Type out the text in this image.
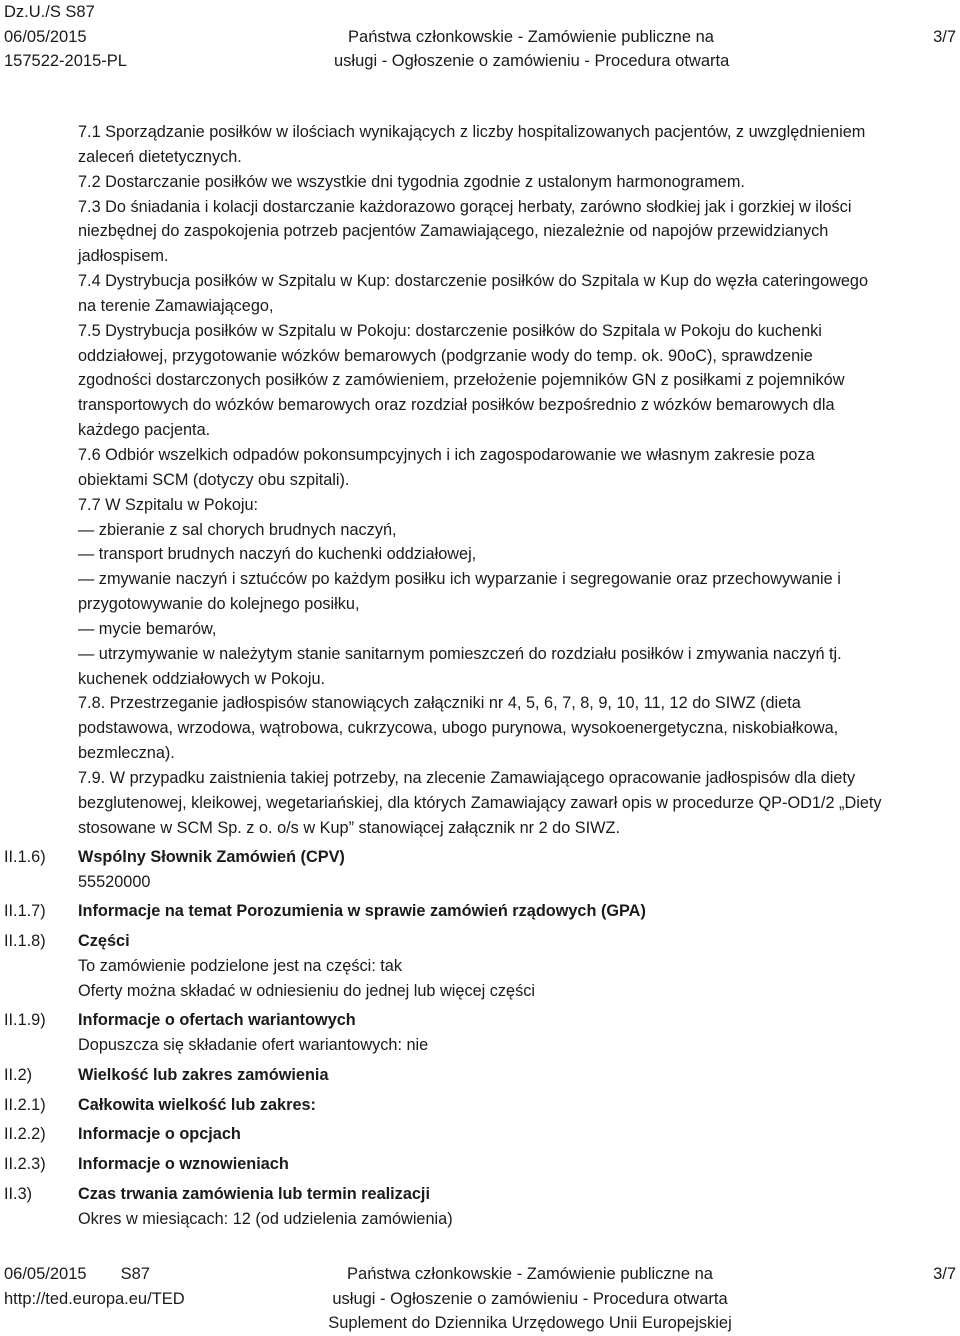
Dz.U./S S87
06/05/2015
157522-2015-PL
Państwa członkowskie - Zamówienie publiczne na
usługi - Ogłoszenie o zamówieniu - Procedura otwarta
3/7

7.1 Sporządzanie posiłków w ilościach wynikających z liczby hospitalizowanych pacjentów, z uwzględnieniem

zaleceń dietetycznych.

7.2 Dostarczanie posiłków we wszystkie dni tygodnia zgodnie z ustalonym harmonogramem.

7.3 Do śniadania i kolacji dostarczanie każdorazowo gorącej herbaty, zarówno słodkiej jak i gorzkiej w ilości

niezbędnej do zaspokojenia potrzeb pacjentów Zamawiającego, niezależnie od napojów przewidzianych

jadłospisem.

7.4 Dystrybucja posiłków w Szpitalu w Kup: dostarczenie posiłków do Szpitala w Kup do węzła cateringowego

na terenie Zamawiającego,

7.5 Dystrybucja posiłków w Szpitalu w Pokoju: dostarczenie posiłków do Szpitala w Pokoju do kuchenki

oddziałowej, przygotowanie wózków bemarowych (podgrzanie wody do temp. ok. 90oC), sprawdzenie

zgodności dostarczonych posiłków z zamówieniem, przełożenie pojemników GN z posiłkami z pojemników

transportowych do wózków bemarowych oraz rozdział posiłków bezpośrednio z wózków bemarowych dla

każdego pacjenta.

7.6 Odbiór wszelkich odpadów pokonsumpcyjnych i ich zagospodarowanie we własnym zakresie poza

obiektami SCM (dotyczy obu szpitali).

7.7 W Szpitalu w Pokoju:

— zbieranie z sal chorych brudnych naczyń,

— transport brudnych naczyń do kuchenki oddziałowej,

— zmywanie naczyń i sztućców po każdym posiłku ich wyparzanie i segregowanie oraz przechowywanie i

przygotowywanie do kolejnego posiłku,

— mycie bemarów,

— utrzymywanie w należytym stanie sanitarnym pomieszczeń do rozdziału posiłków i zmywania naczyń tj.

kuchenek oddziałowych w Pokoju.

7.8. Przestrzeganie jadłospisów stanowiących załączniki nr 4, 5, 6, 7, 8, 9, 10, 11, 12 do SIWZ (dieta

podstawowa, wrzodowa, wątrobowa, cukrzycowa, ubogo purynowa, wysokoenergetyczna, niskobiałkowa,

bezmleczna).

7.9. W przypadku zaistnienia takiej potrzeby, na zlecenie Zamawiającego opracowanie jadłospisów dla diety

bezglutenowej, kleikowej, wegetariańskiej, dla których Zamawiający zawarł opis w procedurze QP-OD1/2 „Diety

stosowane w SCM Sp. z o. o/s w Kup” stanowiącej załącznik nr 2 do SIWZ.

II.1.6) Wspólny Słownik Zamówień (CPV)
55520000
II.1.7) Informacje na temat Porozumienia w sprawie zamówień rządowych (GPA)
II.1.8) Części
To zamówienie podzielone jest na części: tak
Oferty można składać w odniesieniu do jednej lub więcej części
II.1.9) Informacje o ofertach wariantowych
Dopuszcza się składanie ofert wariantowych: nie
II.2)	Wielkość lub zakres zamówienia
II.2.1) Całkowita wielkość lub zakres:
II.2.2) Informacje o opcjach
II.2.3) Informacje o wznowieniach
II.3)	Czas trwania zamówienia lub termin realizacji
Okres w miesiącach: 12 (od udzielenia zamówienia)
06/05/2015 S87
http://ted.europa.eu/TED
Państwa członkowskie - Zamówienie publiczne na
usługi - Ogłoszenie o zamówieniu - Procedura otwarta
Suplement do Dziennika Urzędowego Unii Europejskiej
3/7
